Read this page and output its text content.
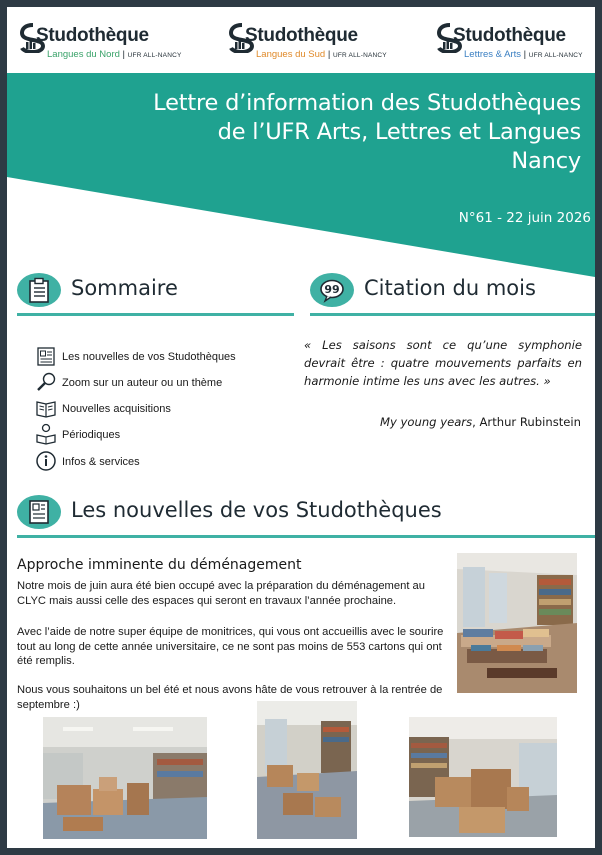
Studothèque
Langues du Nord | UFR ALL-NANCY
Studothèque
Langues du Sud | UFR ALL-NANCY
Studothèque
Lettres & Arts | UFR ALL-NANCY
Lettre d’information des Studothèques
de l’UFR Arts, Lettres et Langues
Nancy
N°61 - 22 juin 2026
Sommaire	99 Citation du mois
Les nouvelles de vos Studothèques
Zoom sur un auteur ou un thème
Nouvelles acquisitions
Périodiques
Infos & services
« Les saisons sont ce qu’une symphonie devrait être : quatre mouvements parfaits en harmonie intime les uns avec les autres. »
My young years, Arthur Rubinstein
Les nouvelles de vos Studothèques
Approche imminente du déménagement
Notre mois de juin aura été bien occupé avec la préparation du déménagement au CLYC mais aussi celle des espaces qui seront en travaux l’année prochaine.
Avec l’aide de notre super équipe de monitrices, qui vous ont accueillis avec le sourire tout au long de cette année universitaire, ce ne sont pas moins de 553 cartons qui ont été remplis.
Nous vous souhaitons un bel été et nous avons hâte de vous retrouver à la rentrée de septembre :)
